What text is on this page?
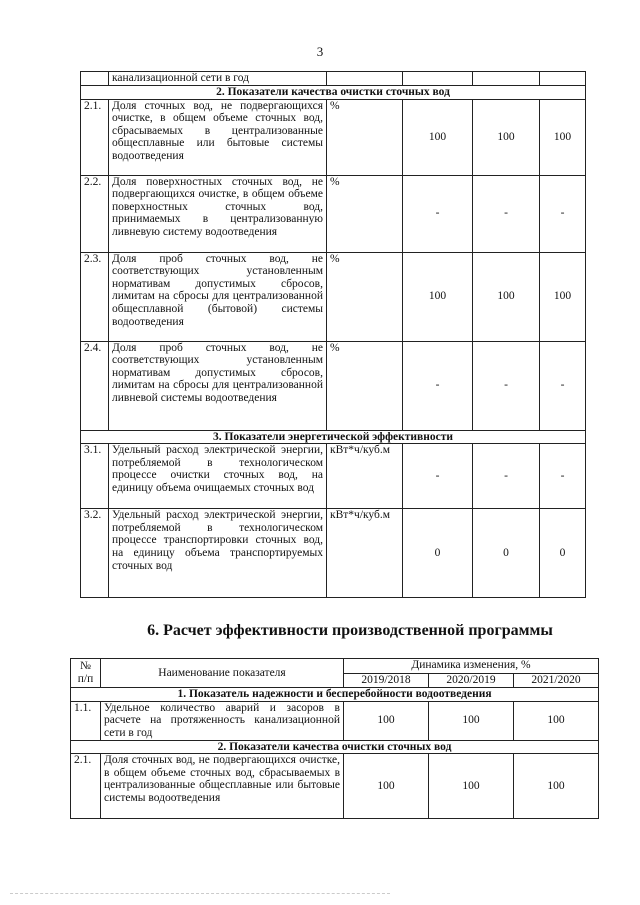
3
	канализационной сети в год				
2. Показатели качества очистки сточных вод					
2.1.	Доля сточных вод, не подвергающихся очистке, в общем объеме сточных вод, сбрасываемых в централизованные общесплавные или бытовые системы водоотведения	%	100	100	100
2.2.	Доля поверхностных сточных вод, не подвергающихся очистке, в общем объеме поверхностных сточных вод, принимаемых в централизованную ливневую систему водоотведения	%	-	-	-
2.3.	Доля проб сточных вод, не соответствующих установленным нормативам допустимых сбросов, лимитам на сбросы для централизованной общесплавной (бытовой) системы водоотведения	%	100	100	100
2.4.	Доля проб сточных вод, не соответствующих установленным нормативам допустимых сбросов, лимитам на сбросы для централизованной ливневой системы водоотведения	%	-	-	-
3. Показатели энергетической эффективности					
3.1.	Удельный расход электрической энергии, потребляемой в технологическом процессе очистки сточных вод, на единицу объема очищаемых сточных вод	кВт*ч/куб.м	-	-	-
3.2.	Удельный расход электрической энергии, потребляемой в технологическом процессе транспортировки сточных вод, на единицу объема транспортируемых сточных вод	кВт*ч/куб.м	0	0	0
6. Расчет эффективности производственной программы
№
п/п	Наименование показателя	Динамика изменения, %		
		2019/2018	2020/2019	2021/2020
1. Показатель надежности и бесперебойности водоотведения				
1.1.	Удельное количество аварий и засоров в расчете на протяженность канализационной сети в год	100	100	100
2. Показатели качества очистки сточных вод				
2.1.	Доля сточных вод, не подвергающихся очистке, в общем объеме сточных вод, сбрасываемых в централизованные общесплавные или бытовые системы водоотведения	100	100	100
